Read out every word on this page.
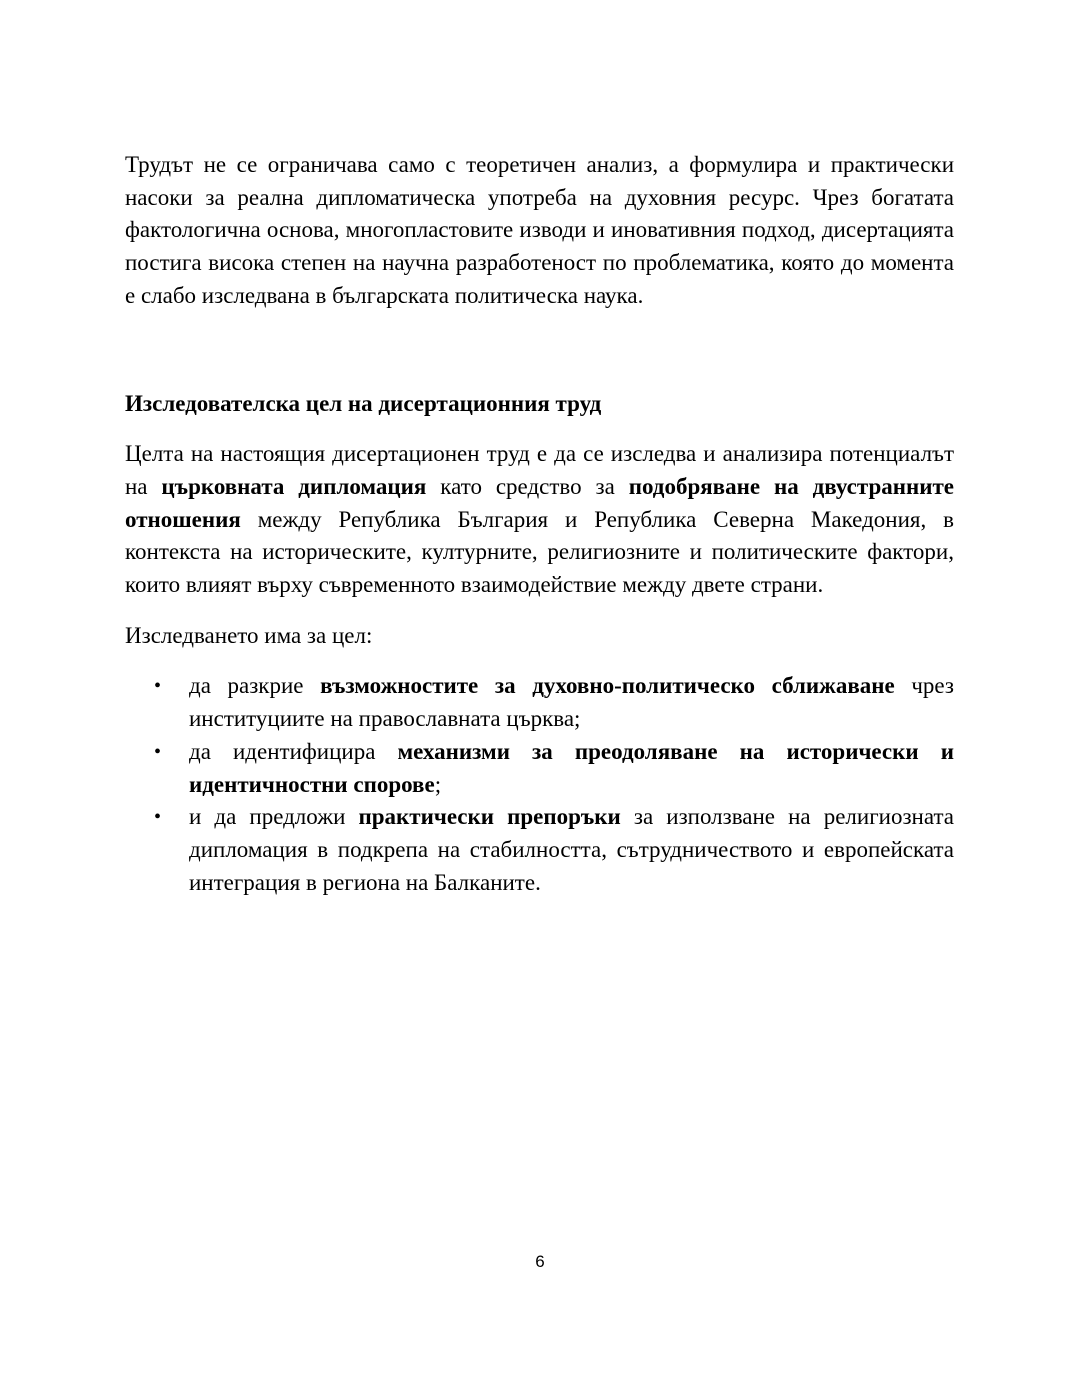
Трудът не се ограничава само с теоретичен анализ, а формулира и практически насоки за реална дипломатическа употреба на духовния ресурс. Чрез богатата фактологична основа, многопластовите изводи и иновативния подход, дисертацията постига висока степен на научна разработеност по проблематика, която до момента е слабо изследвана в българската политическа наука.

Изследователска цел на дисертационния труд

Целта на настоящия дисертационен труд е да се изследва и анализира потенциалът на църковната дипломация като средство за подобряване на двустранните отношения между Република България и Република Северна Македония, в контекста на историческите, културните, религиозните и политическите фактори, които влияят върху съвременното взаимодействие между двете страни.

Изследването има за цел:

• да разкрие възможностите за духовно-политическо сближаване чрез институциите на православната църква;
• да идентифицира механизми за преодоляване на исторически и идентичностни спорове;
• и да предложи практически препоръки за използване на религиозната дипломация в подкрепа на стабилността, сътрудничеството и европейската интеграция в региона на Балканите.
6
